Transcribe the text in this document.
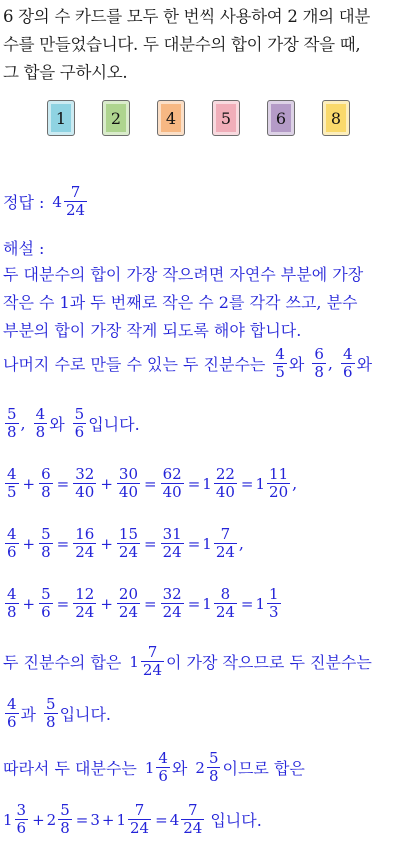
6 장의 수 카드를 모두 한 번씩 사용하여 2 개의 대분
수를 만들었습니다. 두 대분수의 합이 가장 작을 때,
그 합을 구하시오.
1	2	4	5	6	8
정답 : $4 \frac{7}{24}$
해설 :
두 대분수의 합이 가장 작으려면 자연수 부분에 가장
작은 수 1과 두 번째로 작은 수 2를 각각 쓰고, 분수
부분의 합이 가장 작게 되도록 해야 합니다.
나머지 수로 만들 수 있는 두 진분수는 $\frac{4}{5}$ 와 $\frac{6}{8}$ , $\frac{4}{6}$ 와
$\frac{5}{8}$ , $\frac{4}{8}$ 와 $\frac{5}{6}$ 입니다.
$\frac{4}{5} + \frac{6}{8} = \frac{32}{40} + \frac{30}{40} = \frac{62}{40} = 1 \frac{22}{40} = 1 \frac{11}{20}$ ,
$\frac{4}{6} + \frac{5}{8} = \frac{16}{24} + \frac{15}{24} = \frac{31}{24} = 1 \frac{7}{24}$ ,
$\frac{4}{8} + \frac{5}{6} = \frac{12}{24} + \frac{20}{24} = \frac{32}{24} = 1 \frac{8}{24} = 1 \frac{1}{3}$
두 진분수의 합은 $1 \frac{7}{24}$ 이 가장 작으므로 두 진분수는
$\frac{4}{6}$ 과 $\frac{5}{8}$ 입니다.
따라서 두 대분수는 $1 \frac{4}{6}$ 와 $2 \frac{5}{8}$ 이므로 합은
$1 \frac{3}{6} + 2 \frac{5}{8} = 3 + 1 \frac{7}{24} = 4 \frac{7}{24}$ 입니다.
